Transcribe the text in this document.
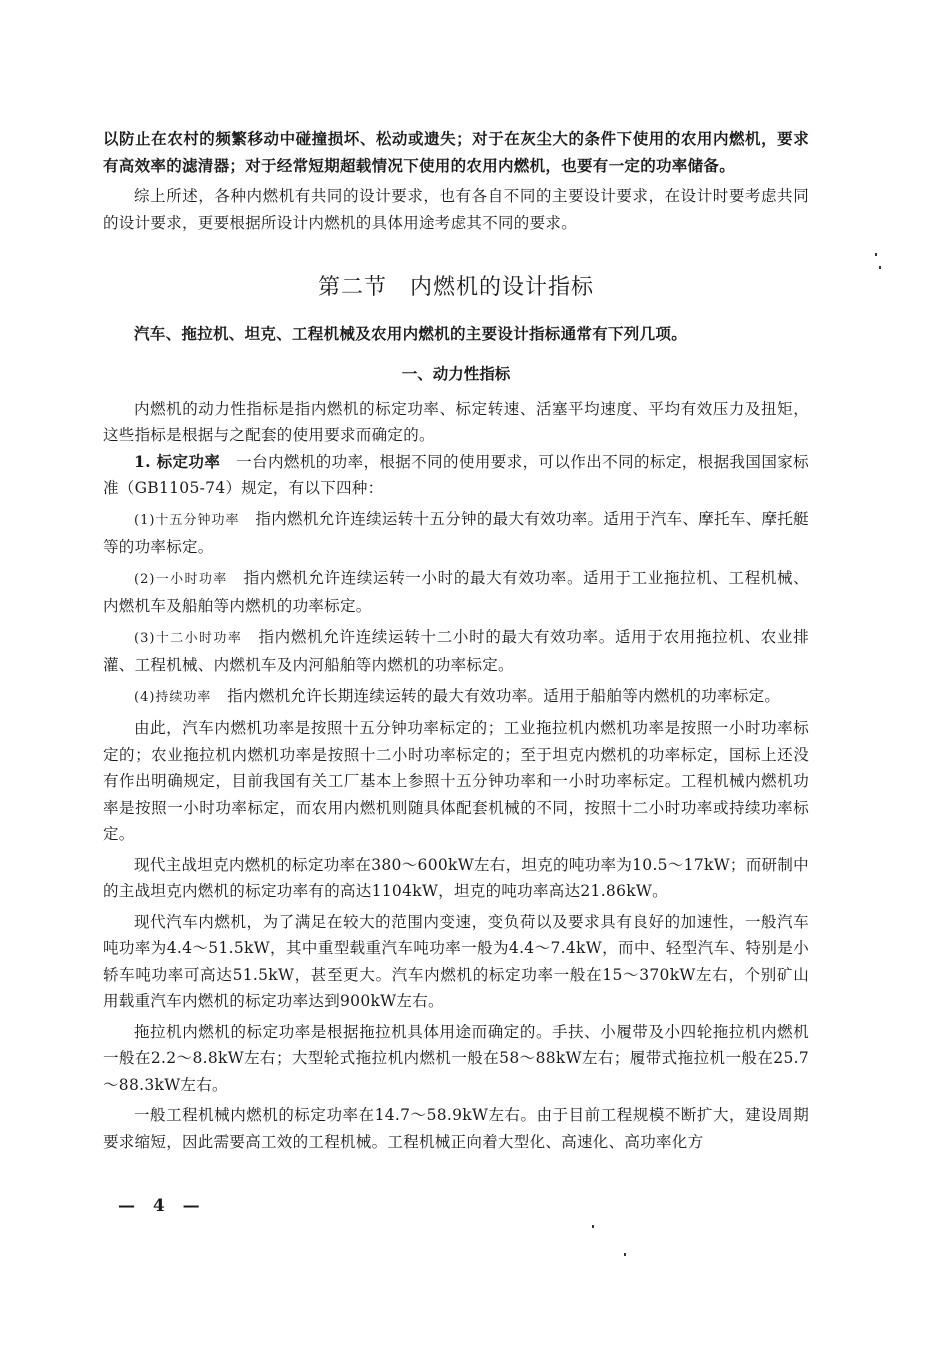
以防止在农村的频繁移动中碰撞损坏、松动或遗失；对于在灰尘大的条件下使用的农用内燃机，要求有高效率的滤清器；对于经常短期超载情况下使用的农用内燃机，也要有一定的功率储备。

综上所述，各种内燃机有共同的设计要求，也有各自不同的主要设计要求，在设计时要考虑共同的设计要求，更要根据所设计内燃机的具体用途考虑其不同的要求。

第二节　内燃机的设计指标

汽车、拖拉机、坦克、工程机械及农用内燃机的主要设计指标通常有下列几项。

一、动力性指标

内燃机的动力性指标是指内燃机的标定功率、标定转速、活塞平均速度、平均有效压力及扭矩，这些指标是根据与之配套的使用要求而确定的。

1. 标定功率　 一台内燃机的功率，根据不同的使用要求，可以作出不同的标定，根据我国国家标准（GB1105-74）规定，有以下四种：

(1)十五分钟功率　 指内燃机允许连续运转十五分钟的最大有效功率。适用于汽车、摩托车、摩托艇等的功率标定。

(2)一小时功率　 指内燃机允许连续运转一小时的最大有效功率。适用于工业拖拉机、工程机械、内燃机车及船舶等内燃机的功率标定。

(3)十二小时功率　 指内燃机允许连续运转十二小时的最大有效功率。适用于农用拖拉机、农业排灌、工程机械、内燃机车及内河船舶等内燃机的功率标定。

(4)持续功率　 指内燃机允许长期连续运转的最大有效功率。适用于船舶等内燃机的功率标定。

由此，汽车内燃机功率是按照十五分钟功率标定的；工业拖拉机内燃机功率是按照一小时功率标定的；农业拖拉机内燃机功率是按照十二小时功率标定的；至于坦克内燃机的功率标定，国标上还没有作出明确规定，目前我国有关工厂基本上参照十五分钟功率和一小时功率标定。工程机械内燃机功率是按照一小时功率标定，而农用内燃机则随具体配套机械的不同，按照十二小时功率或持续功率标定。

现代主战坦克内燃机的标定功率在380～600kW左右，坦克的吨功率为10.5～17kW；而研制中的主战坦克内燃机的标定功率有的高达1104kW，坦克的吨功率高达21.86kW。

现代汽车内燃机，为了满足在较大的范围内变速，变负荷以及要求具有良好的加速性，一般汽车吨功率为4.4～51.5kW，其中重型载重汽车吨功率一般为4.4～7.4kW，而中、轻型汽车、特别是小轿车吨功率可高达51.5kW，甚至更大。汽车内燃机的标定功率一般在15～370kW左右，个别矿山用载重汽车内燃机的标定功率达到900kW左右。

拖拉机内燃机的标定功率是根据拖拉机具体用途而确定的。手扶、小履带及小四轮拖拉机内燃机一般在2.2～8.8kW左右；大型轮式拖拉机内燃机一般在58～88kW左右；履带式拖拉机一般在25.7～88.3kW左右。

一般工程机械内燃机的标定功率在14.7～58.9kW左右。由于目前工程规模不断扩大，建设周期要求缩短，因此需要高工效的工程机械。工程机械正向着大型化、高速化、高功率化方

— 4 —
